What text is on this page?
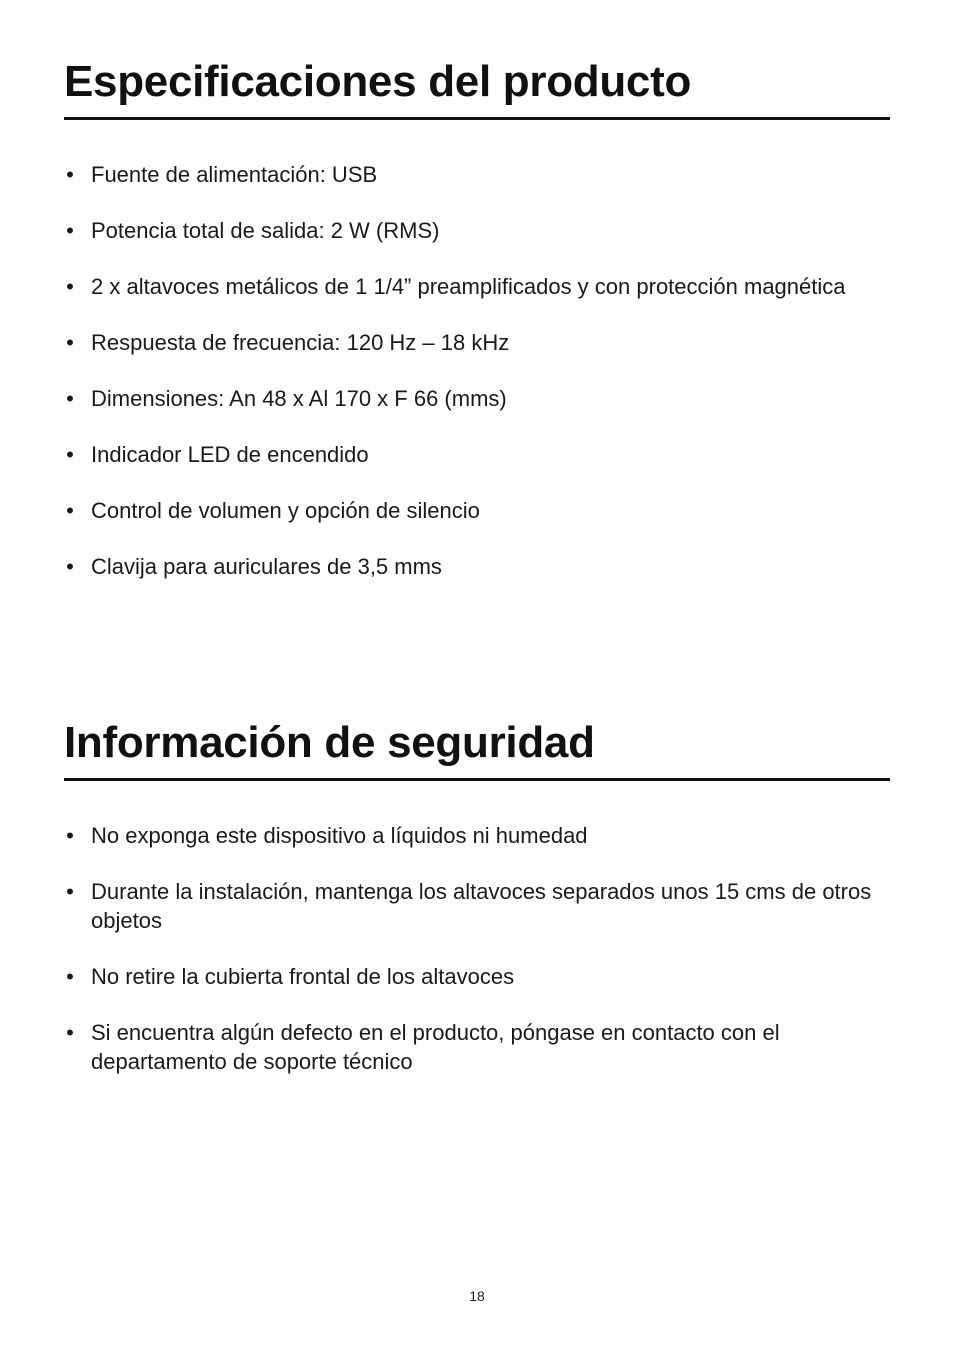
Especificaciones del producto
• Fuente de alimentación: USB
• Potencia total de salida: 2 W (RMS)
• 2 x altavoces metálicos de 1 1/4” preamplificados y con protección magnética
• Respuesta de frecuencia: 120 Hz – 18 kHz
• Dimensiones: An 48 x Al 170 x F 66 (mms)
• Indicador LED de encendido
• Control de volumen y opción de silencio
• Clavija para auriculares de 3,5 mms
Información de seguridad
• No exponga este dispositivo a líquidos ni humedad
• Durante la instalación, mantenga los altavoces separados unos 15 cms de otros objetos
• No retire la cubierta frontal de los altavoces
• Si encuentra algún defecto en el producto, póngase en contacto con el departamento de soporte técnico
18
